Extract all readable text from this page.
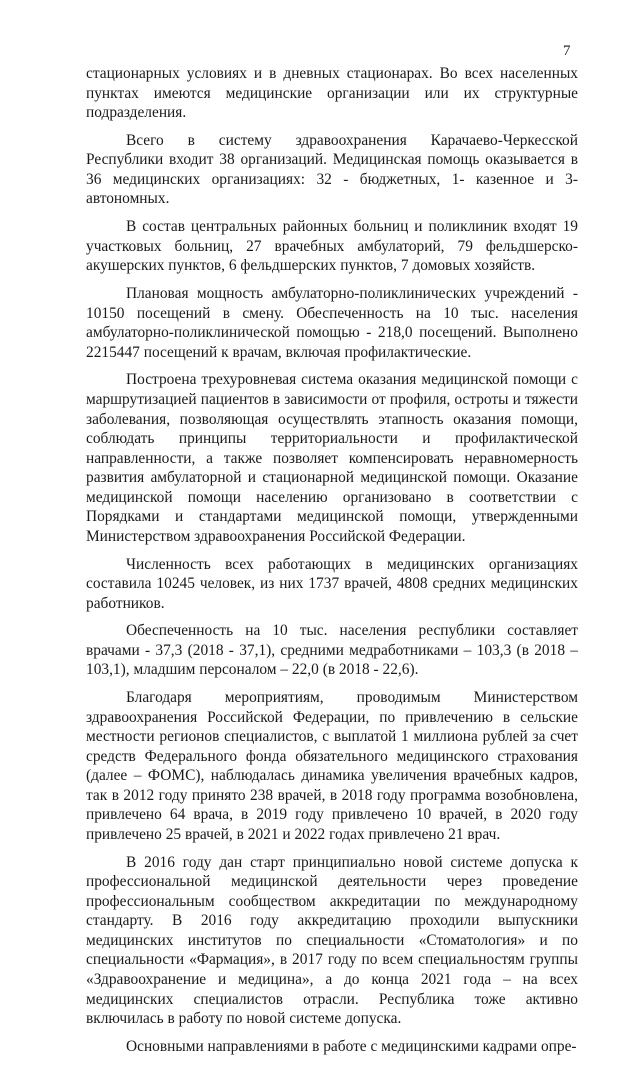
7

стационарных условиях и в дневных стационарах. Во всех населенных пунктах имеются медицинские организации или их структурные подразделения.

Всего в систему здравоохранения Карачаево-Черкесской Республики входит 38 организаций. Медицинская помощь оказывается в 36 медицинских организациях: 32 - бюджетных, 1- казенное и 3- автономных.

В состав центральных районных больниц и поликлиник входят 19 участковых больниц, 27 врачебных амбулаторий, 79 фельдшерско-акушерских пунктов, 6 фельдшерских пунктов, 7 домовых хозяйств.

Плановая мощность амбулаторно-поликлинических учреждений - 10150 посещений в смену. Обеспеченность на 10 тыс. населения амбулаторно-поликлинической помощью - 218,0 посещений. Выполнено 2215447 посещений к врачам, включая профилактические.

Построена трехуровневая система оказания медицинской помощи с маршрутизацией пациентов в зависимости от профиля, остроты и тяжести заболевания, позволяющая осуществлять этапность оказания помощи, соблюдать принципы территориальности и профилактической направленности, а также позволяет компенсировать неравномерность развития амбулаторной и стационарной медицинской помощи. Оказание медицинской помощи населению организовано в соответствии с Порядками и стандартами медицинской помощи, утвержденными Министерством здравоохранения Российской Федерации.

Численность всех работающих в медицинских организациях составила 10245 человек, из них 1737 врачей, 4808 средних медицинских работников.

Обеспеченность на 10 тыс. населения республики составляет врачами - 37,3 (2018 - 37,1), средними медработниками – 103,3 (в 2018 – 103,1), младшим персоналом – 22,0 (в 2018 - 22,6).

Благодаря мероприятиям, проводимым Министерством здравоохранения Российской Федерации, по привлечению в сельские местности регионов специалистов, с выплатой 1 миллиона рублей за счет средств Федерального фонда обязательного медицинского страхования (далее – ФОМС), наблюдалась динамика увеличения врачебных кадров, так в 2012 году принято 238 врачей, в 2018 году программа возобновлена, привлечено 64 врача, в 2019 году привлечено 10 врачей, в 2020 году привлечено 25 врачей, в 2021 и 2022 годах привлечено 21 врач.

В 2016 году дан старт принципиально новой системе допуска к профессиональной медицинской деятельности через проведение профессиональным сообществом аккредитации по международному стандарту. В 2016 году аккредитацию проходили выпускники медицинских институтов по специальности «Стоматология» и по специальности «Фармация», в 2017 году по всем специальностям группы «Здравоохранение и медицина», а до конца 2021 года – на всех медицинских специалистов отрасли. Республика тоже активно включилась в работу по новой системе допуска.

Основными направлениями в работе с медицинскими кадрами опре-
